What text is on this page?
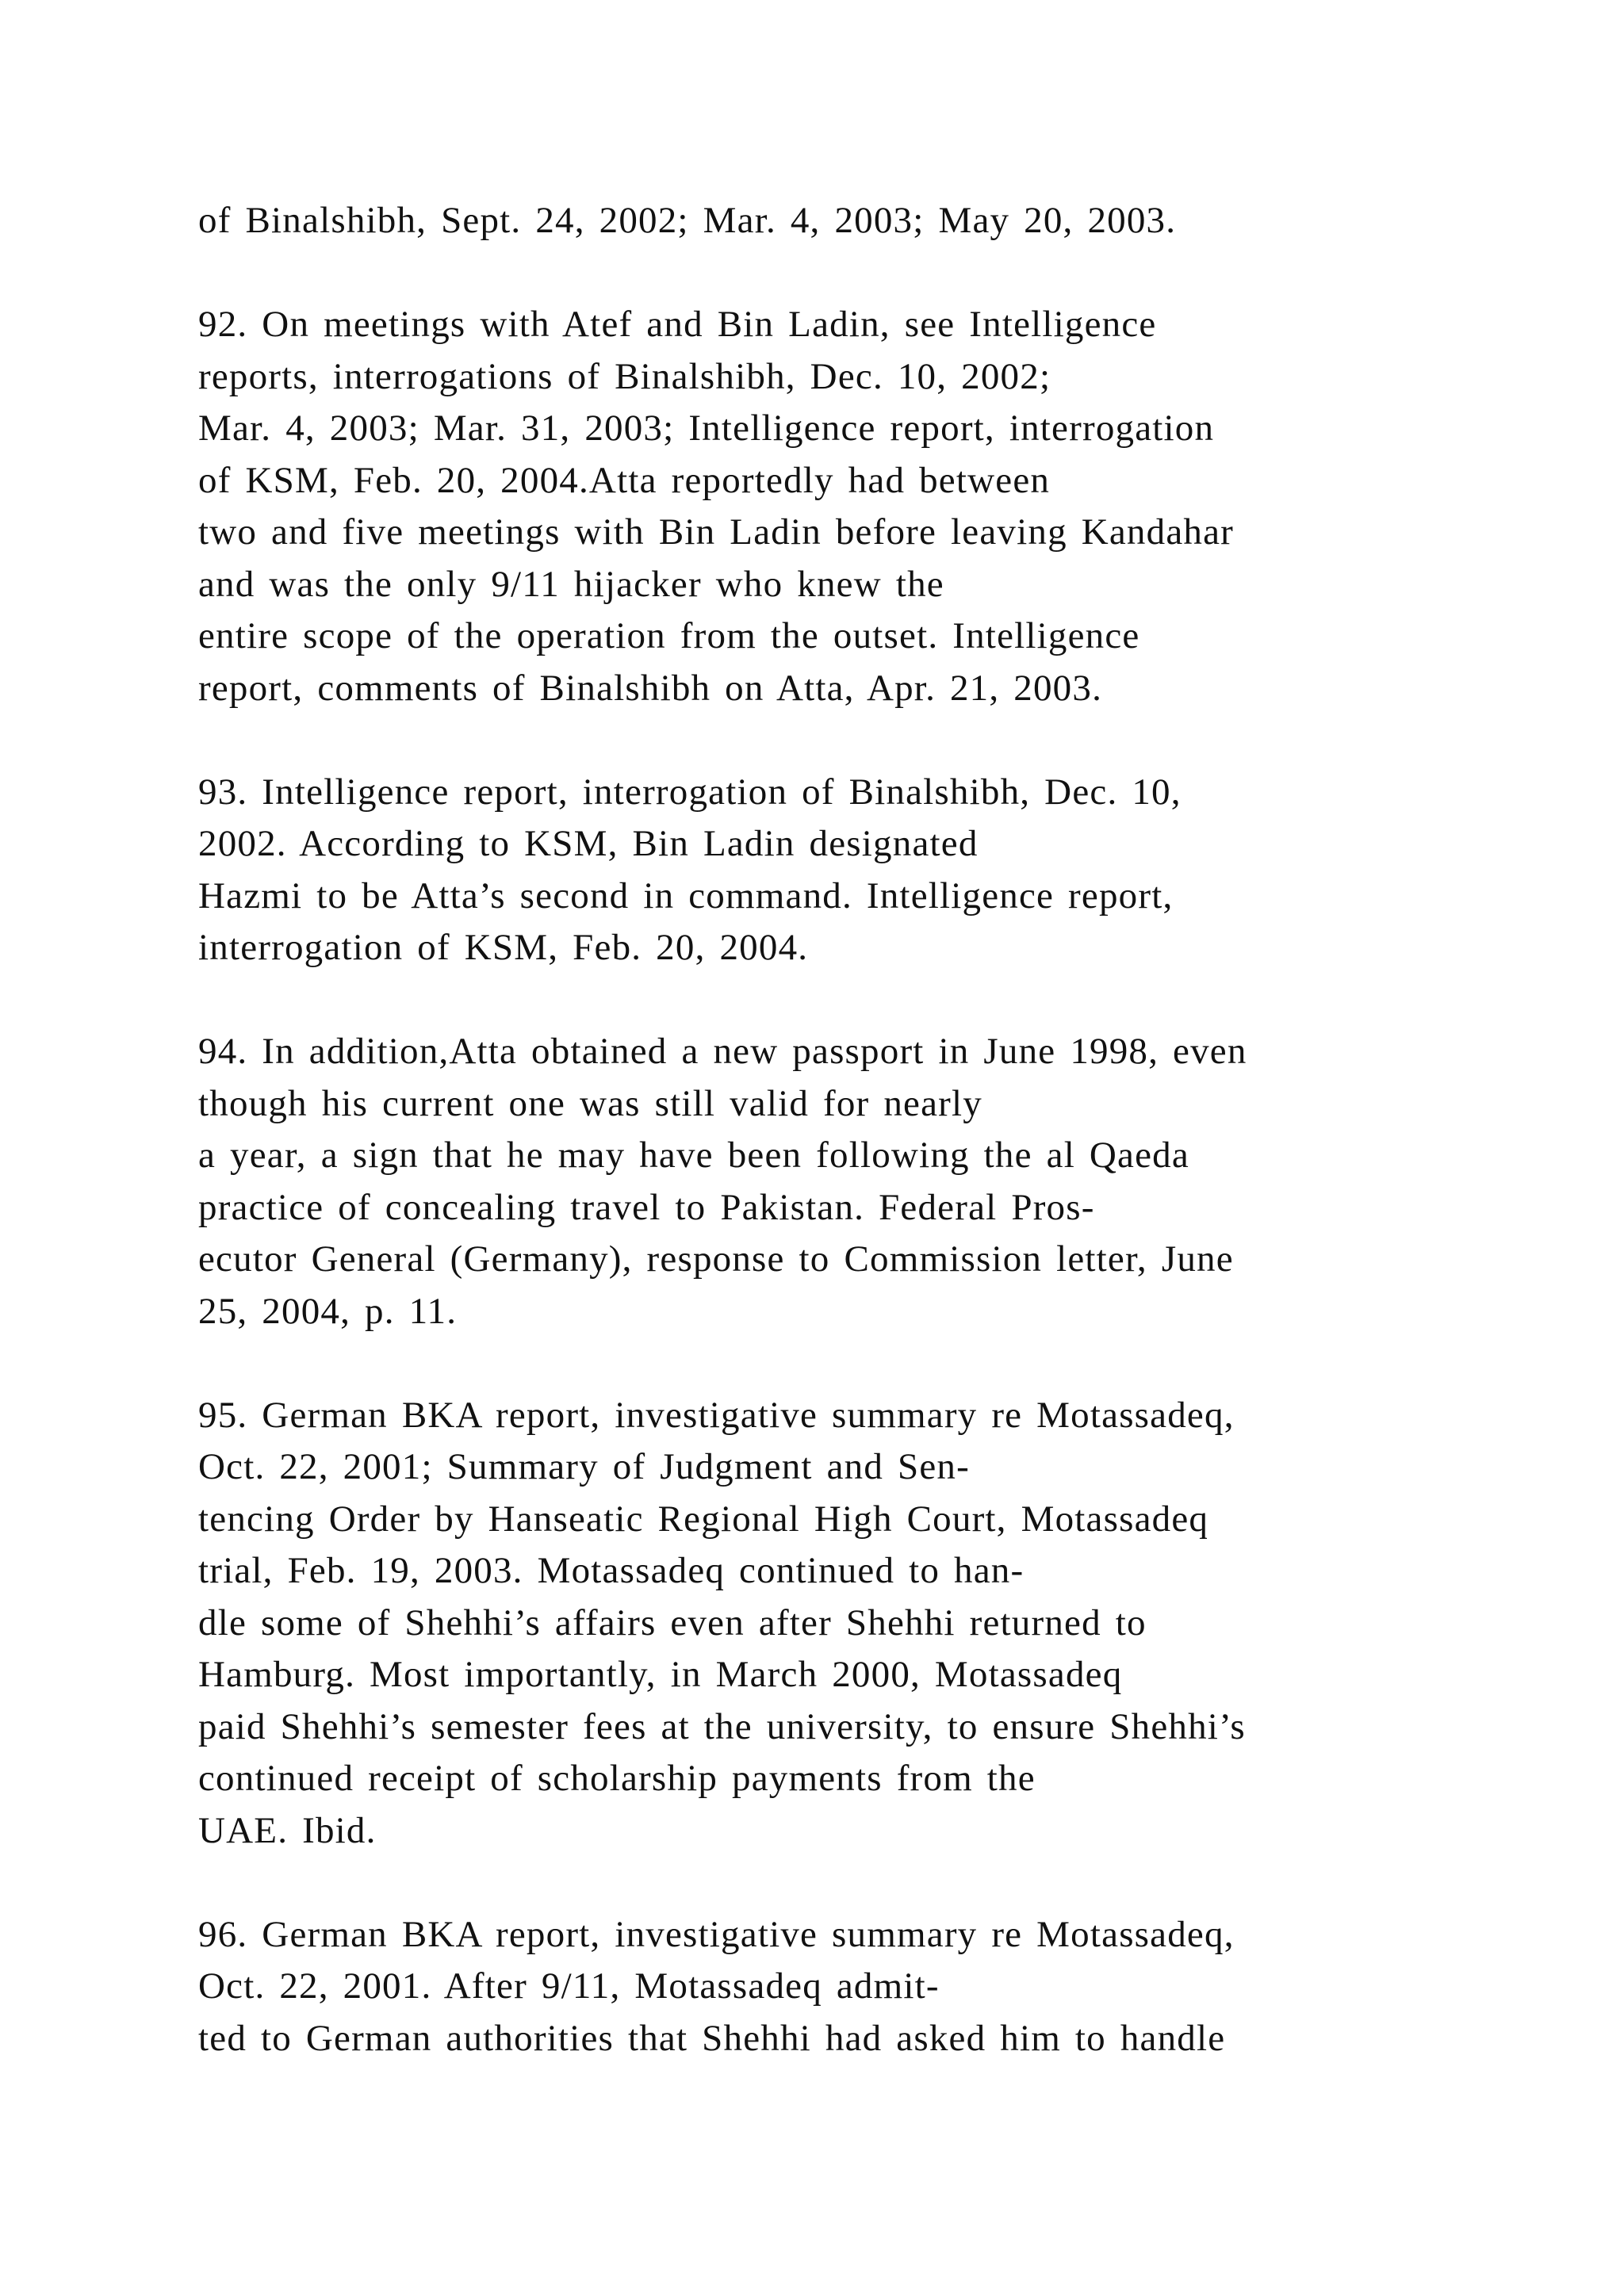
of Binalshibh, Sept. 24, 2002; Mar. 4, 2003; May 20, 2003.
92. On meetings with Atef and Bin Ladin, see Intelligence
reports, interrogations of Binalshibh, Dec. 10, 2002;
Mar. 4, 2003; Mar. 31, 2003; Intelligence report, interrogation
of KSM, Feb. 20, 2004.Atta reportedly had between
two and five meetings with Bin Ladin before leaving Kandahar
and was the only 9/11 hijacker who knew the
entire scope of the operation from the outset. Intelligence
report, comments of Binalshibh on Atta, Apr. 21, 2003.
93. Intelligence report, interrogation of Binalshibh, Dec. 10,
2002. According to KSM, Bin Ladin designated
Hazmi to be Atta’s second in command. Intelligence report,
interrogation of KSM, Feb. 20, 2004.
94. In addition,Atta obtained a new passport in June 1998, even
though his current one was still valid for nearly
a year, a sign that he may have been following the al Qaeda
practice of concealing travel to Pakistan. Federal Pros-
ecutor General (Germany), response to Commission letter, June
25, 2004, p. 11.
95. German BKA report, investigative summary re Motassadeq,
Oct. 22, 2001; Summary of Judgment and Sen-
tencing Order by Hanseatic Regional High Court, Motassadeq
trial, Feb. 19, 2003. Motassadeq continued to han-
dle some of Shehhi’s affairs even after Shehhi returned to
Hamburg. Most importantly, in March 2000, Motassadeq
paid Shehhi’s semester fees at the university, to ensure Shehhi’s
continued receipt of scholarship payments from the
UAE. Ibid.
96. German BKA report, investigative summary re Motassadeq,
Oct. 22, 2001. After 9/11, Motassadeq admit-
ted to German authorities that Shehhi had asked him to handle
